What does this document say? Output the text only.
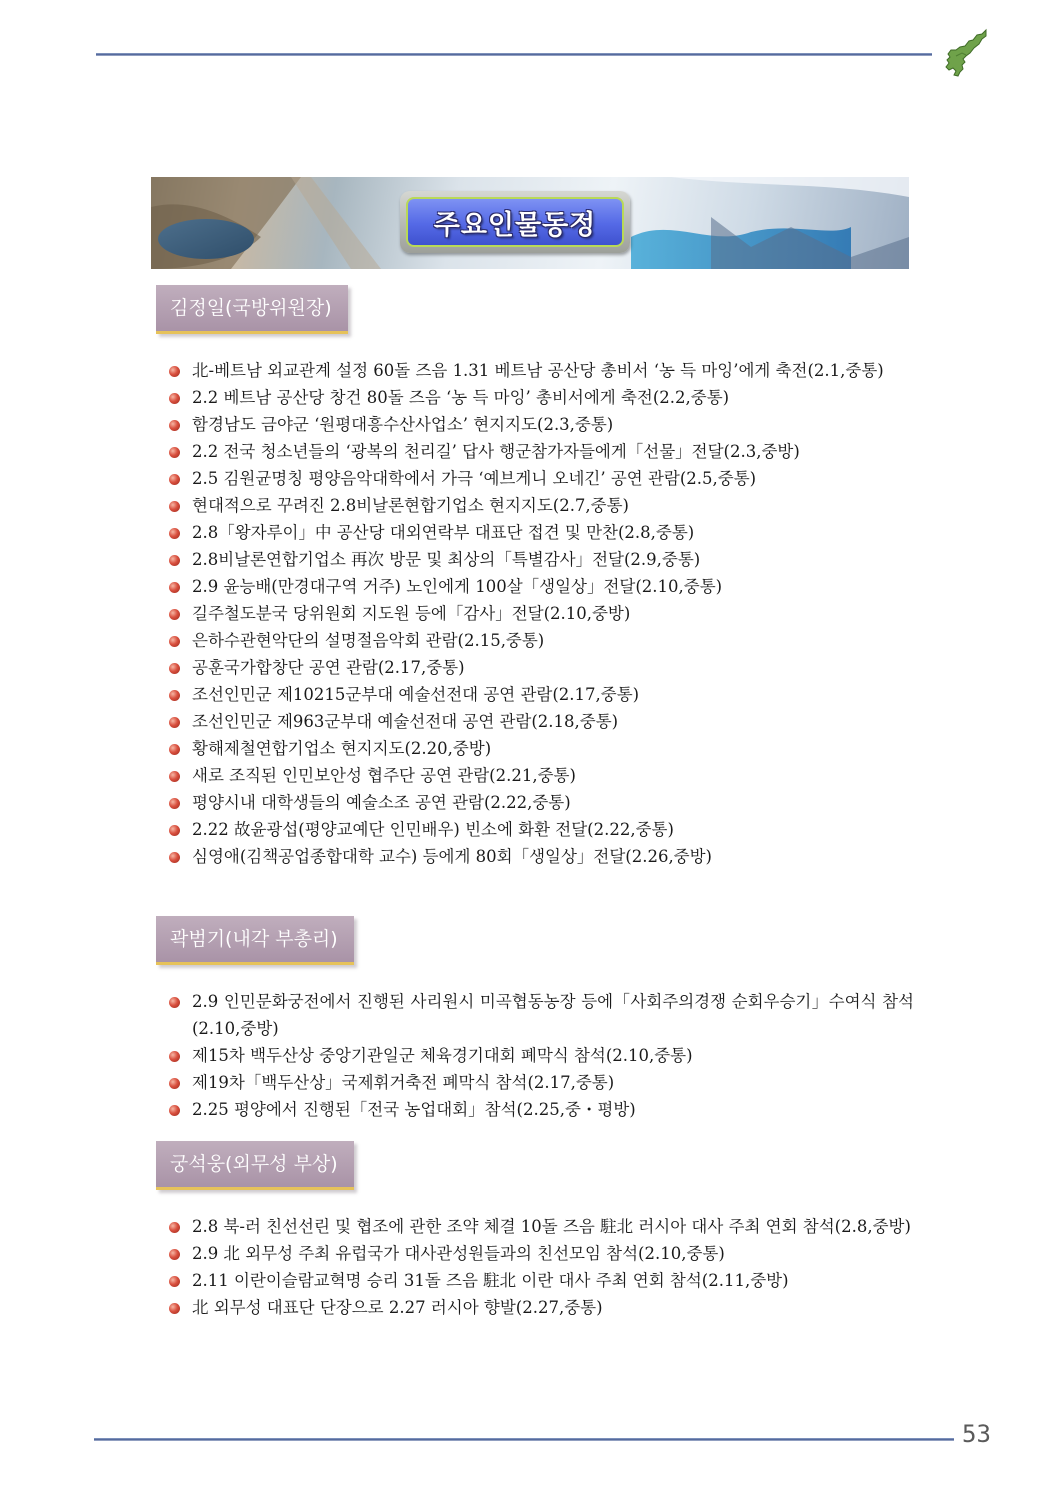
주요인물동정
김정일(국방위원장)
北-베트남 외교관계 설정 60돌 즈음 1.31 베트남 공산당 총비서 ‘농 득 마잉’에게 축전(2.1,중통)
2.2 베트남 공산당 창건 80돌 즈음 ‘농 득 마잉’ 총비서에게 축전(2.2,중통)
함경남도 금야군 ‘원평대흥수산사업소’ 현지지도(2.3,중통)
2.2 전국 청소년들의 ‘광복의 천리길’ 답사 행군참가자들에게「선물」전달(2.3,중방)
2.5 김원균명칭 평양음악대학에서 가극 ‘예브게니 오네긴’ 공연 관람(2.5,중통)
현대적으로 꾸려진 2.8비날론현합기업소 현지지도(2.7,중통)
2.8「왕자루이」中 공산당 대외연락부 대표단 접견 및 만찬(2.8,중통)
2.8비날론연합기업소 再次 방문 및 최상의「특별감사」전달(2.9,중통)
2.9 윤능배(만경대구역 거주) 노인에게 100살「생일상」전달(2.10,중통)
길주철도분국 당위원회 지도원 등에「감사」전달(2.10,중방)
은하수관현악단의 설명절음악회 관람(2.15,중통)
공훈국가합창단 공연 관람(2.17,중통)
조선인민군 제10215군부대 예술선전대 공연 관람(2.17,중통)
조선인민군 제963군부대 예술선전대 공연 관람(2.18,중통)
황해제철연합기업소 현지지도(2.20,중방)
새로 조직된 인민보안성 협주단 공연 관람(2.21,중통)
평양시내 대학생들의 예술소조 공연 관람(2.22,중통)
2.22 故윤광섭(평양교예단 인민배우) 빈소에 화환 전달(2.22,중통)
심영애(김책공업종합대학 교수) 등에게 80회「생일상」전달(2.26,중방)
곽범기(내각 부총리)
2.9 인민문화궁전에서 진행된 사리원시 미곡협동농장 등에「사회주의경쟁 순회우승기」수여식 참석(2.10,중방)
제15차 백두산상 중앙기관일군 체육경기대회 폐막식 참석(2.10,중통)
제19차「백두산상」국제휘거축전 폐막식 참석(2.17,중통)
2.25 평양에서 진행된「전국 농업대회」참석(2.25,중・평방)
궁석웅(외무성 부상)
2.8 북-러 친선선린 및 협조에 관한 조약 체결 10돌 즈음 駐北 러시아 대사 주최 연회 참석(2.8,중방)
2.9 北 외무성 주최 유럽국가 대사관성원들과의 친선모임 참석(2.10,중통)
2.11 이란이슬람교혁명 승리 31돌 즈음 駐北 이란 대사 주최 연회 참석(2.11,중방)
北 외무성 대표단 단장으로 2.27 러시아 향발(2.27,중통)
53
